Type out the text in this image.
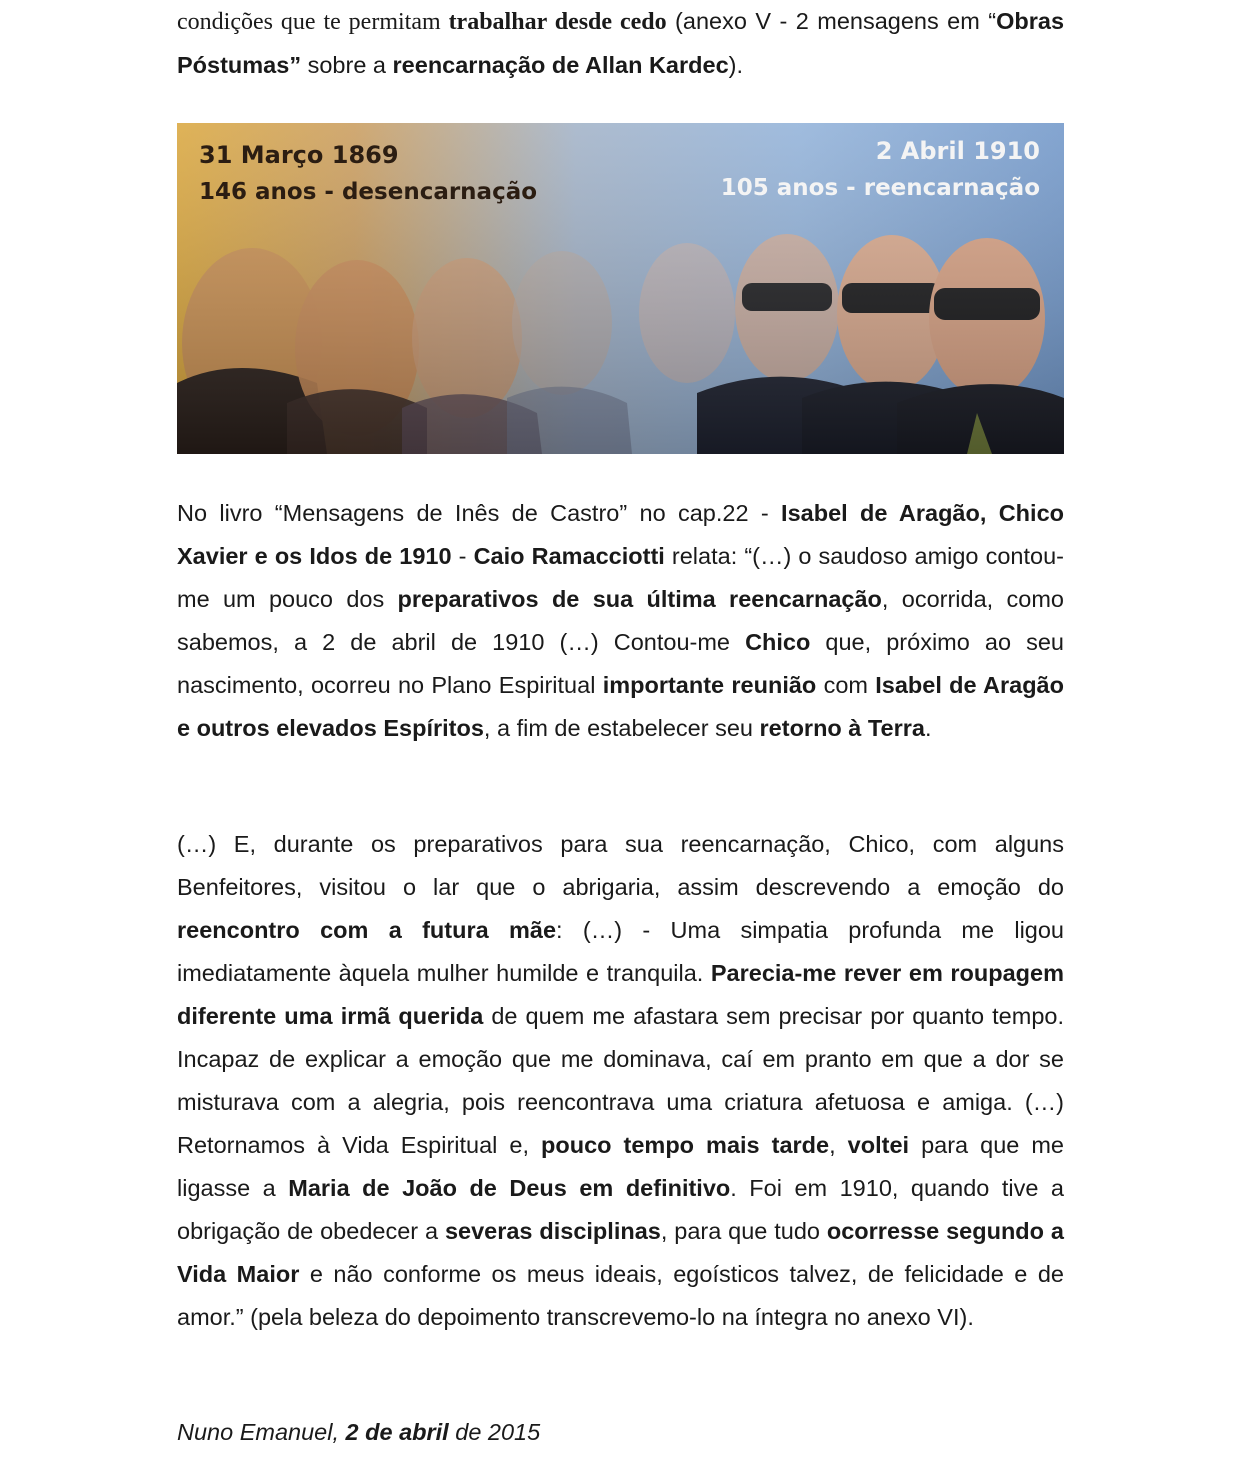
condições que te permitam trabalhar desde cedo (anexo V - 2 mensagens em “Obras Póstumas” sobre a reencarnação de Allan Kardec).

31 Março 1869
146 anos - desencarnação
2 Abril 1910
105 anos - reencarnação

No livro “Mensagens de Inês de Castro” no cap.22 - Isabel de Aragão, Chico Xavier e os Idos de 1910 - Caio Ramacciotti relata: “(…) o saudoso amigo contou-me um pouco dos preparativos de sua última reencarnação, ocorrida, como sabemos, a 2 de abril de 1910 (…) Contou-me Chico que, próximo ao seu nascimento, ocorreu no Plano Espiritual importante reunião com Isabel de Aragão e outros elevados Espíritos, a fim de estabelecer seu retorno à Terra.

(…) E, durante os preparativos para sua reencarnação, Chico, com alguns Benfeitores, visitou o lar que o abrigaria, assim descrevendo a emoção do reencontro com a futura mãe: (…) - Uma simpatia profunda me ligou imediatamente àquela mulher humilde e tranquila. Parecia-me rever em roupagem diferente uma irmã querida de quem me afastara sem precisar por quanto tempo. Incapaz de explicar a emoção que me dominava, caí em pranto em que a dor se misturava com a alegria, pois reencontrava uma criatura afetuosa e amiga. (…) Retornamos à Vida Espiritual e, pouco tempo mais tarde, voltei para que me ligasse a Maria de João de Deus em definitivo. Foi em 1910, quando tive a obrigação de obedecer a severas disciplinas, para que tudo ocorresse segundo a Vida Maior e não conforme os meus ideais, egoísticos talvez, de felicidade e de amor.” (pela beleza do depoimento transcrevemo-lo na íntegra no anexo VI).

Nuno Emanuel, 2 de abril de 2015
